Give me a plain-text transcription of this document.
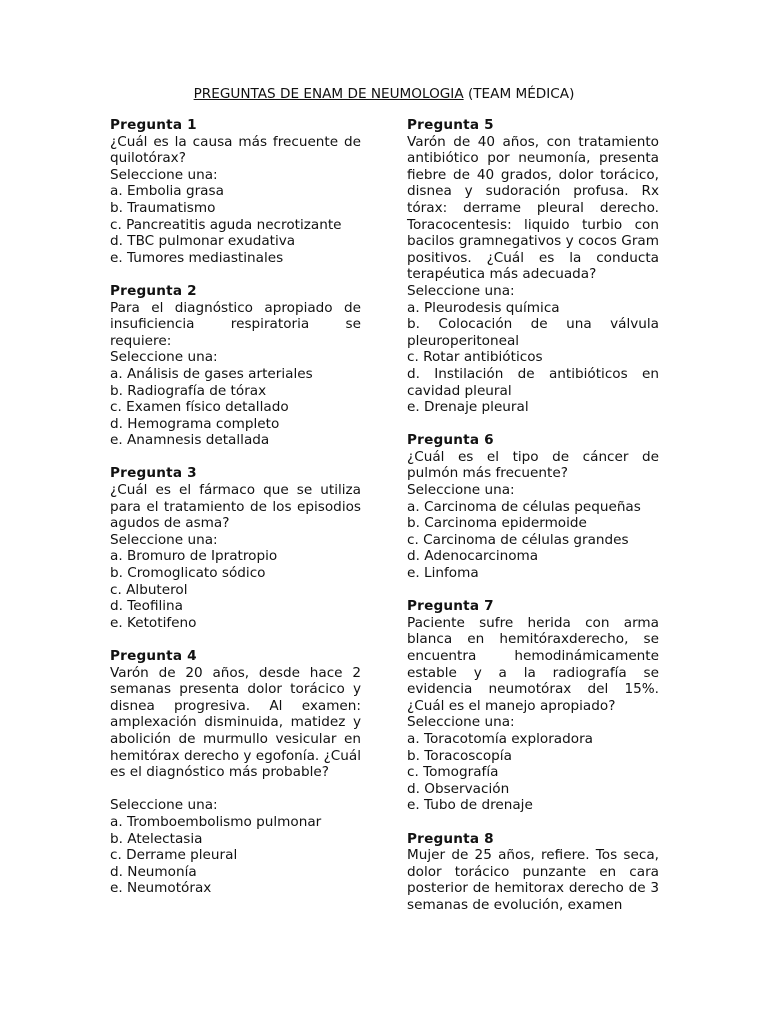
PREGUNTAS DE ENAM DE NEUMOLOGIA (TEAM MÉDICA)
Pregunta 1
¿Cuál es la causa más frecuente de quilotórax?
Seleccione una:
a. Embolia grasa
b. Traumatismo
c. Pancreatitis aguda necrotizante
d. TBC pulmonar exudativa
e. Tumores mediastinales
Pregunta 2
Para el diagnóstico apropiado de insuficiencia respiratoria se requiere:
Seleccione una:
a. Análisis de gases arteriales
b. Radiografía de tórax
c. Examen físico detallado
d. Hemograma completo
e. Anamnesis detallada
Pregunta 3
¿Cuál es el fármaco que se utiliza para el tratamiento de los episodios agudos de asma?
Seleccione una:
a. Bromuro de Ipratropio
b. Cromoglicato sódico
c. Albuterol
d. Teofilina
e. Ketotifeno
Pregunta 4
Varón de 20 años, desde hace 2 semanas presenta dolor torácico y disnea progresiva. Al examen: amplexación disminuida, matidez y abolición de murmullo vesicular en hemitórax derecho y egofonía. ¿Cuál es el diagnóstico más probable?
Seleccione una:
a. Tromboembolismo pulmonar
b. Atelectasia
c. Derrame pleural
d. Neumonía
e. Neumotórax
Pregunta 5
Varón de 40 años, con tratamiento antibiótico por neumonía, presenta fiebre de 40 grados, dolor torácico, disnea y sudoración profusa. Rx tórax: derrame pleural derecho. Toracocentesis: liquido turbio con bacilos gramnegativos y cocos Gram positivos. ¿Cuál es la conducta terapéutica más adecuada?
Seleccione una:
a. Pleurodesis química
b. Colocación de una válvula pleuroperitoneal
c. Rotar antibióticos
d. Instilación de antibióticos en cavidad pleural
e. Drenaje pleural
Pregunta 6
¿Cuál es el tipo de cáncer de pulmón más frecuente?
Seleccione una:
a. Carcinoma de células pequeñas
b. Carcinoma epidermoide
c. Carcinoma de células grandes
d. Adenocarcinoma
e. Linfoma
Pregunta 7
Paciente sufre herida con arma blanca en hemitóraxderecho, se encuentra hemodinámicamente estable y a la radiografía se evidencia neumotórax del 15%. ¿Cuál es el manejo apropiado?
Seleccione una:
a. Toracotomía exploradora
b. Toracoscopía
c. Tomografía
d. Observación
e. Tubo de drenaje
Pregunta 8
Mujer de 25 años, refiere. Tos seca, dolor torácico punzante en cara posterior de hemitorax derecho de 3 semanas de evolución, examen
